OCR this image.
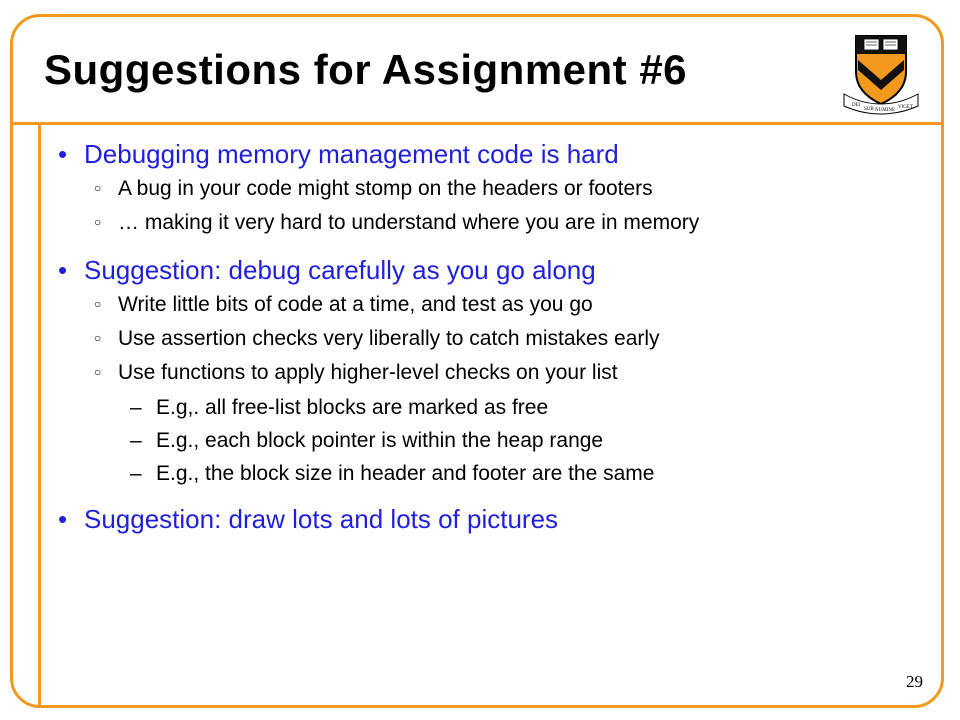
Suggestions for Assignment #6
DEI
SUB NUMINE
VIGET
• Debugging memory management code is hard
○ A bug in your code might stomp on the headers or footers
○ … making it very hard to understand where you are in memory
• Suggestion: debug carefully as you go along
○ Write little bits of code at a time, and test as you go
○ Use assertion checks very liberally to catch mistakes early
○ Use functions to apply higher-level checks on your list
– E.g,. all free-list blocks are marked as free
– E.g., each block pointer is within the heap range
– E.g., the block size in header and footer are the same
• Suggestion: draw lots and lots of pictures
29
